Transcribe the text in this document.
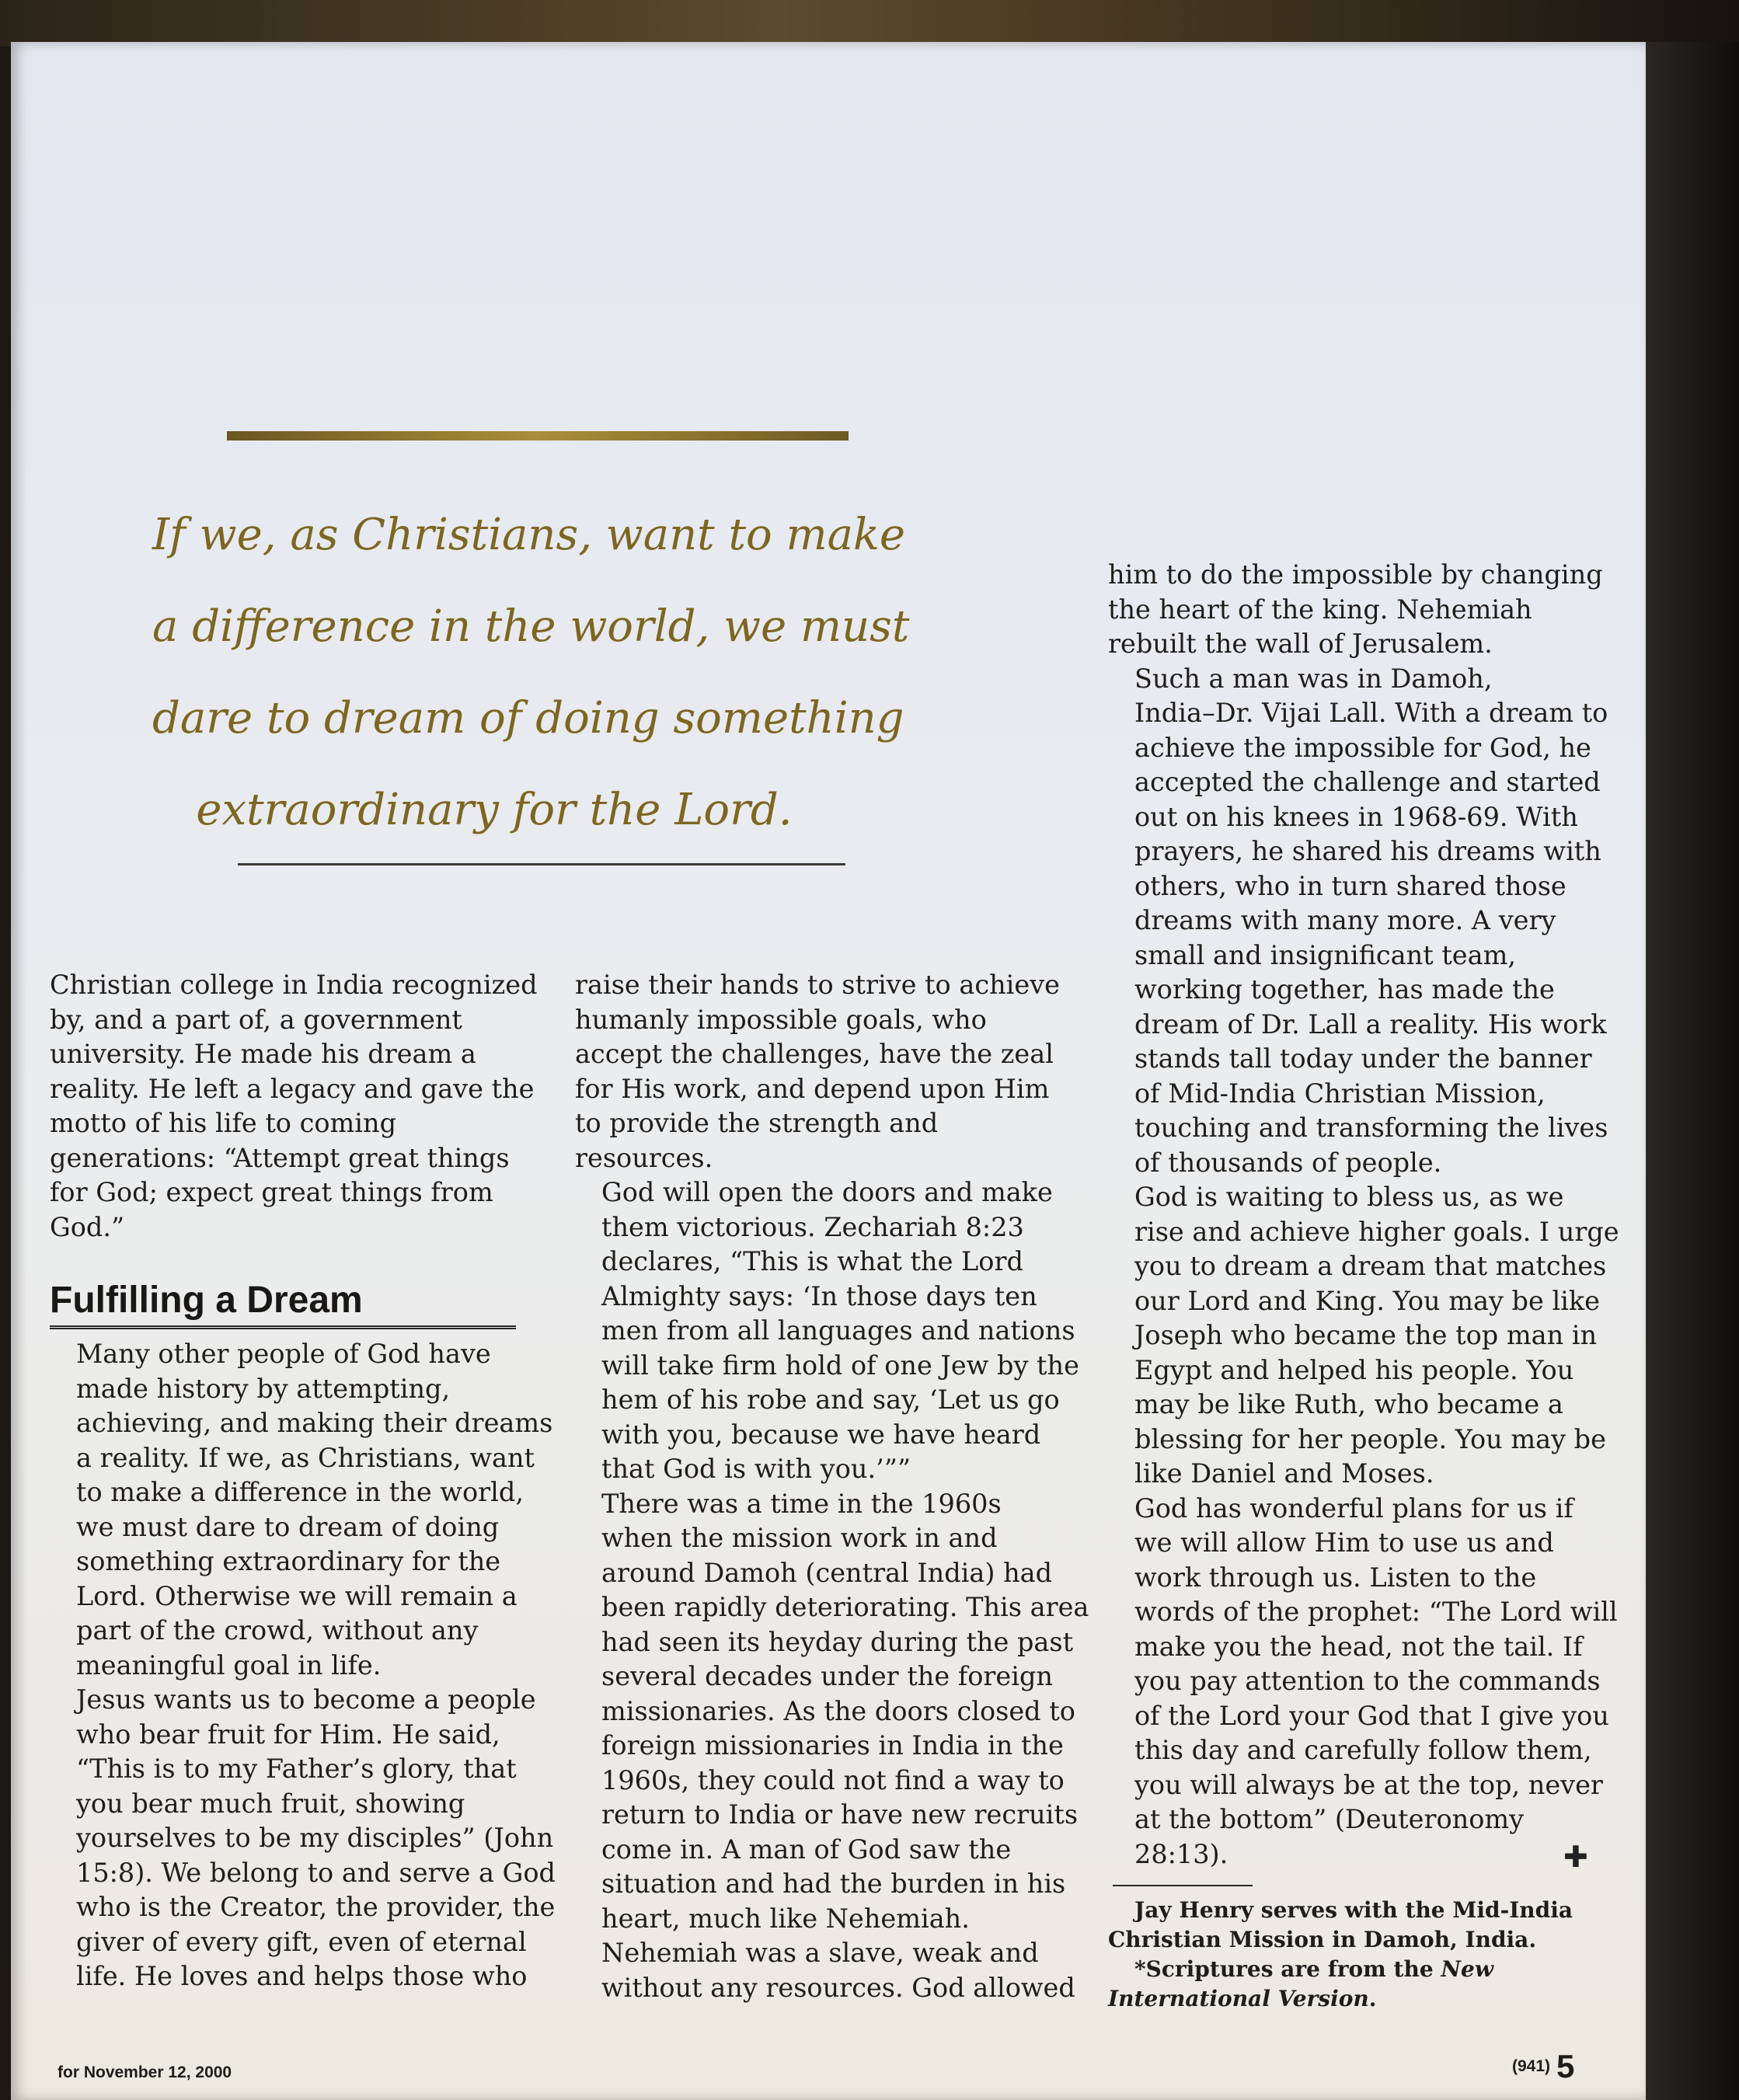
If we, as Christians, want to make
a difference in the world, we must
dare to dream of doing something
extraordinary for the Lord.

Christian college in India recognized
by, and a part of, a government
university. He made his dream a
reality. He left a legacy and gave the
motto of his life to coming
generations: “Attempt great things
for God; expect great things from
God.”

Fulfilling a Dream

Many other people of God have
made history by attempting,
achieving, and making their dreams
a reality. If we, as Christians, want
to make a difference in the world,
we must dare to dream of doing
something extraordinary for the
Lord. Otherwise we will remain a
part of the crowd, without any
meaningful goal in life.

Jesus wants us to become a people
who bear fruit for Him. He said,
“This is to my Father’s glory, that
you bear much fruit, showing
yourselves to be my disciples” (John
15:8). We belong to and serve a God
who is the Creator, the provider, the
giver of every gift, even of eternal
life. He loves and helps those who

raise their hands to strive to achieve
humanly impossible goals, who
accept the challenges, have the zeal
for His work, and depend upon Him
to provide the strength and
resources.

God will open the doors and make
them victorious. Zechariah 8:23
declares, “This is what the Lord
Almighty says: ‘In those days ten
men from all languages and nations
will take firm hold of one Jew by the
hem of his robe and say, ‘Let us go
with you, because we have heard
that God is with you.’””

There was a time in the 1960s
when the mission work in and
around Damoh (central India) had
been rapidly deteriorating. This area
had seen its heyday during the past
several decades under the foreign
missionaries. As the doors closed to
foreign missionaries in India in the
1960s, they could not find a way to
return to India or have new recruits
come in. A man of God saw the
situation and had the burden in his
heart, much like Nehemiah.
Nehemiah was a slave, weak and
without any resources. God allowed

him to do the impossible by changing
the heart of the king. Nehemiah
rebuilt the wall of Jerusalem.

Such a man was in Damoh,
India–Dr. Vijai Lall. With a dream to
achieve the impossible for God, he
accepted the challenge and started
out on his knees in 1968-69. With
prayers, he shared his dreams with
others, who in turn shared those
dreams with many more. A very
small and insignificant team,
working together, has made the
dream of Dr. Lall a reality. His work
stands tall today under the banner
of Mid-India Christian Mission,
touching and transforming the lives
of thousands of people.

God is waiting to bless us, as we
rise and achieve higher goals. I urge
you to dream a dream that matches
our Lord and King. You may be like
Joseph who became the top man in
Egypt and helped his people. You
may be like Ruth, who became a
blessing for her people. You may be
like Daniel and Moses.

God has wonderful plans for us if
we will allow Him to use us and
work through us. Listen to the
words of the prophet: “The Lord will
make you the head, not the tail. If
you pay attention to the commands
of the Lord your God that I give you
this day and carefully follow them,
you will always be at the top, never
at the bottom” (Deuteronomy
28:13).	✚
Jay Henry serves with the Mid-India
Christian Mission in Damoh, India.
*Scriptures are from the New
International Version.
for November 12, 2000	(941) 5
